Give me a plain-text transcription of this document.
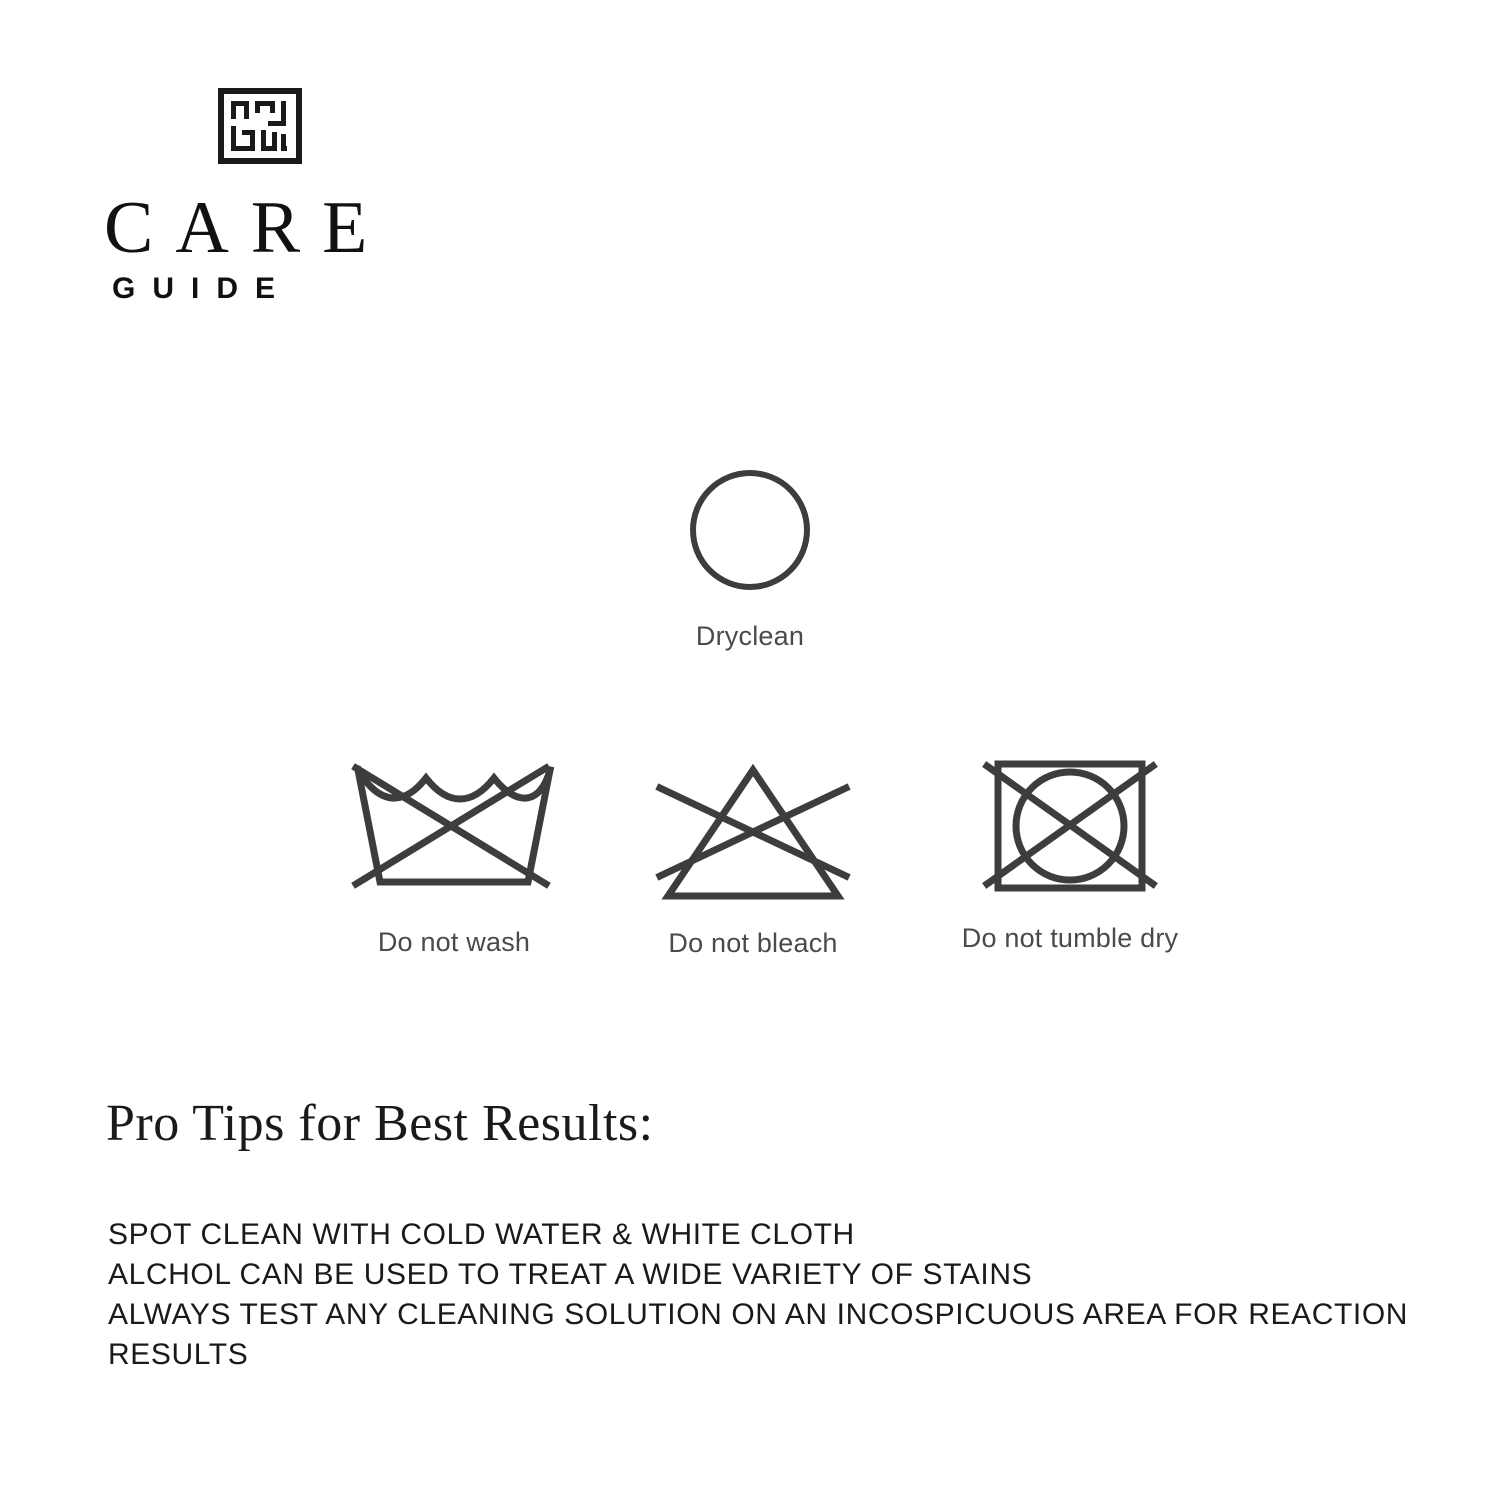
CARE
GUIDE
Dryclean
Do not wash	Do not bleach	Do not tumble dry
Pro Tips for Best Results:
SPOT CLEAN WITH COLD WATER & WHITE CLOTH
ALCHOL CAN BE USED TO TREAT A WIDE VARIETY OF STAINS
ALWAYS TEST ANY CLEANING SOLUTION ON AN INCOSPICUOUS AREA FOR REACTION RESULTS
